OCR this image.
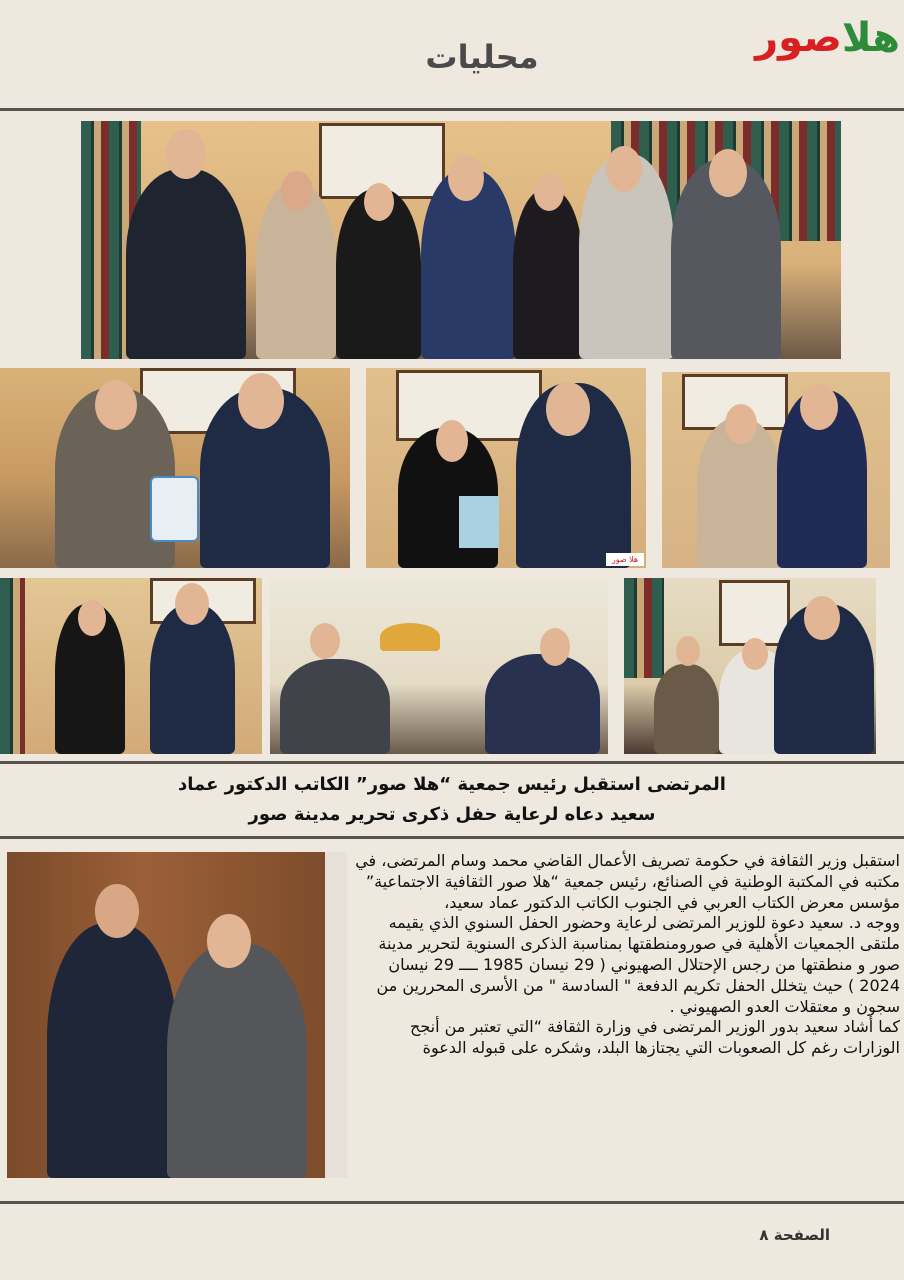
هلاصور
محليات
هلا صور
المرتضى استقبل رئيس جمعية “هلا صور” الكاتب الدكتور عماد
سعيد دعاه لرعاية حفل ذكرى تحرير مدينة صور

استقبل وزير الثقافة في حكومة تصريف الأعمال القاضي محمد وسام المرتضى، في مكتبه في المكتبة الوطنية في الصنائع، رئيس جمعية “هلا صور الثقافية الاجتماعية” مؤسس معرض الكتاب العربي في الجنوب الكاتب الدكتور عماد سعيد،

ووجه د. سعيد دعوة للوزير المرتضى لرعاية وحضور الحفل السنوي الذي يقيمه ملتقى الجمعيات الأهلية في صورومنطقتها بمناسبة الذكرى السنوية لتحرير مدينة صور و منطقتها من رجس الإحتلال الصهيوني ( 29 نيسان 1985 ــــ 29 نيسان 2024 ) حيث يتخلل الحفل تكريم الدفعة " السادسة " من الأسرى المحررين من سجون و معتقلات العدو الصهيوني .

كما أشاد سعيد بدور الوزير المرتضى في وزارة الثقافة “التي تعتبر من أنجح الوزارات رغم كل الصعوبات التي يجتازها البلد، وشكره على قبوله الدعوة

الصفحة ٨
